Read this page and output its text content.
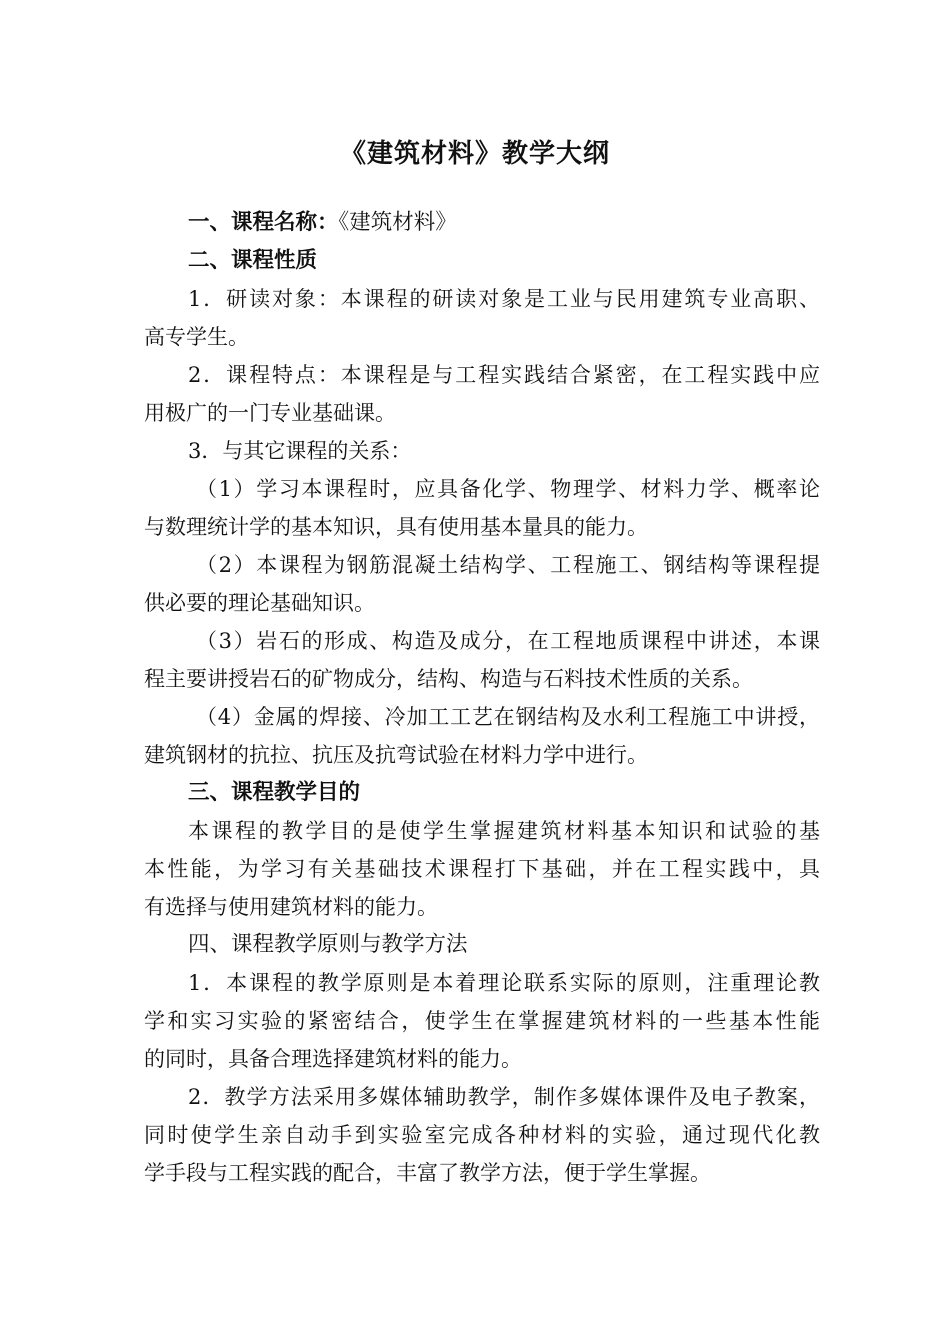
《建筑材料》教学大纲
一、课程名称：《建筑材料》
二、课程性质
1．研读对象：本课程的研读对象是工业与民用建筑专业高职、
高专学生。
2．课程特点：本课程是与工程实践结合紧密，在工程实践中应
用极广的一门专业基础课。
3．与其它课程的关系：
（1）学习本课程时，应具备化学、物理学、材料力学、概率论
与数理统计学的基本知识，具有使用基本量具的能力。
（2）本课程为钢筋混凝土结构学、工程施工、钢结构等课程提
供必要的理论基础知识。
（3）岩石的形成、构造及成分，在工程地质课程中讲述，本课
程主要讲授岩石的矿物成分，结构、构造与石料技术性质的关系。
（4）金属的焊接、冷加工工艺在钢结构及水利工程施工中讲授，
建筑钢材的抗拉、抗压及抗弯试验在材料力学中进行。
三、课程教学目的
本课程的教学目的是使学生掌握建筑材料基本知识和试验的基
本性能，为学习有关基础技术课程打下基础，并在工程实践中，具
有选择与使用建筑材料的能力。
四、课程教学原则与教学方法
1．本课程的教学原则是本着理论联系实际的原则，注重理论教
学和实习实验的紧密结合，使学生在掌握建筑材料的一些基本性能
的同时，具备合理选择建筑材料的能力。
2．教学方法采用多媒体辅助教学，制作多媒体课件及电子教案，
同时使学生亲自动手到实验室完成各种材料的实验，通过现代化教
学手段与工程实践的配合，丰富了教学方法，便于学生掌握。
